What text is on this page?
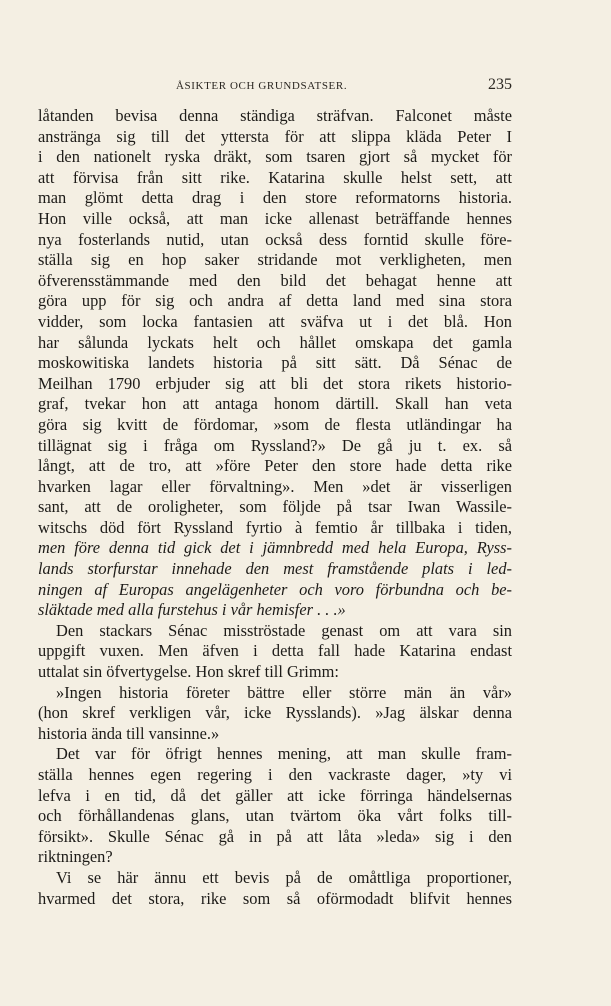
ÅSIKTER OCH GRUNDSATSER.	235
låtanden bevisa denna ständiga sträfvan. Falconet måste
anstränga sig till det yttersta för att slippa kläda Peter I
i den nationelt ryska dräkt, som tsaren gjort så mycket för
att förvisa från sitt rike. Katarina skulle helst sett, att
man glömt detta drag i den store reformatorns historia.
Hon ville också, att man icke allenast beträffande hennes
nya fosterlands nutid, utan också dess forntid skulle före-
ställa sig en hop saker stridande mot verkligheten, men
öfverensstämmande med den bild det behagat henne att
göra upp för sig och andra af detta land med sina stora
vidder, som locka fantasien att sväfva ut i det blå. Hon
har sålunda lyckats helt och hållet omskapa det gamla
moskowitiska landets historia på sitt sätt. Då Sénac de
Meilhan 1790 erbjuder sig att bli det stora rikets historio-
graf, tvekar hon att antaga honom därtill. Skall han veta
göra sig kvitt de fördomar, »som de flesta utländingar ha
tillägnat sig i fråga om Ryssland?» De gå ju t. ex. så
långt, att de tro, att »före Peter den store hade detta rike
hvarken lagar eller förvaltning». Men »det är visserligen
sant, att de oroligheter, som följde på tsar Iwan Wassile-
witschs död fört Ryssland fyrtio à femtio år tillbaka i tiden,
men före denna tid gick det i jämnbredd med hela Europa, Ryss-
lands storfurstar innehade den mest framstående plats i led-
ningen af Europas angelägenheter och voro förbundna och be-
släktade med alla furstehus i vår hemisfer . . .»
Den stackars Sénac misströstade genast om att vara sin
uppgift vuxen. Men äfven i detta fall hade Katarina endast
uttalat sin öfvertygelse. Hon skref till Grimm:
»Ingen historia företer bättre eller större män än vår»
(hon skref verkligen vår, icke Rysslands). »Jag älskar denna
historia ända till vansinne.»
Det var för öfrigt hennes mening, att man skulle fram-
ställa hennes egen regering i den vackraste dager, »ty vi
lefva i en tid, då det gäller att icke förringa händelsernas
och förhållandenas glans, utan tvärtom öka vårt folks till-
försikt». Skulle Sénac gå in på att låta »leda» sig i den
riktningen?
Vi se här ännu ett bevis på de omåttliga proportioner,
hvarmed det stora, rike som så oförmodadt blifvit hennes
